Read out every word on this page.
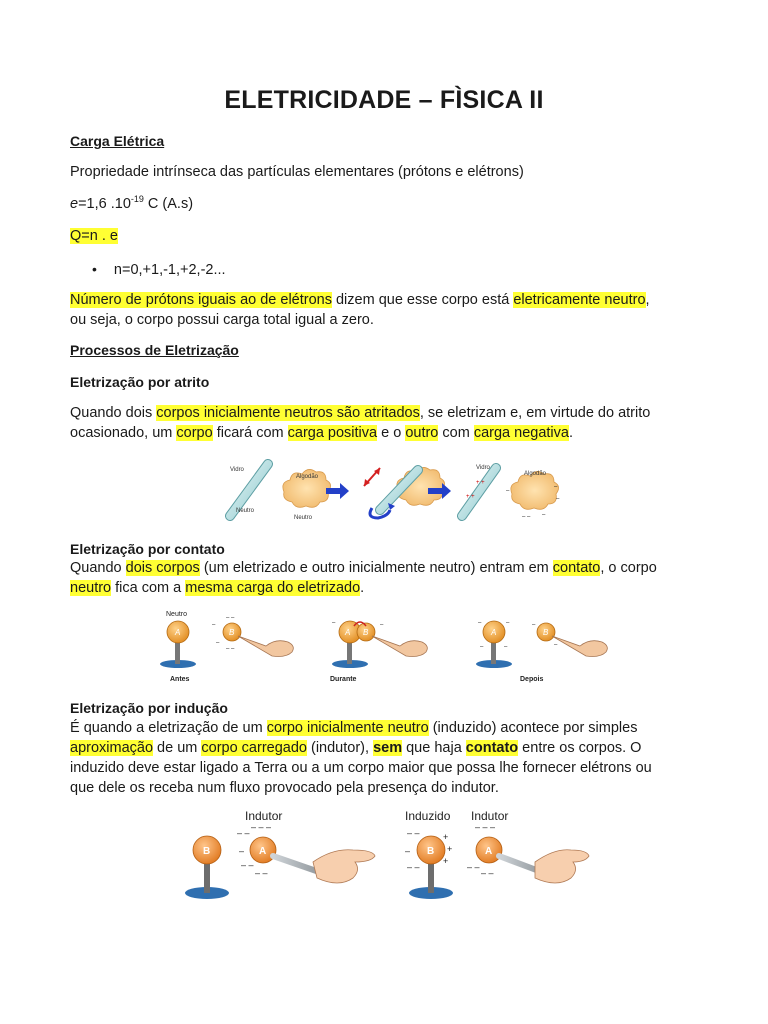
ELETRICIDADE – FÌSICA II
Carga Elétrica
Propriedade intrínseca das partículas elementares (prótons e elétrons)
e=1,6 $.10^{-19}$ C (A.s)
Q=n . e
• n=0,+1,-1,+2,-2...
Número de prótons iguais ao de elétrons dizem que esse corpo está eletricamente neutro,
ou seja, o corpo possui carga total igual a zero.
Processos de Eletrização
Eletrização por atrito
Quando dois corpos inicialmente neutros são atritados, se eletrizam e, em virtude do atrito
ocasionado, um corpo ficará com carga positiva e o outro com carga negativa.
Vidro
Neutro
Algodão
Neutro
+ +
+ +
Vidro
–
–
–
– – –
Algodão
Eletrização por contato
Quando dois corpos (um eletrizado e outro inicialmente neutro) entram em contato, o corpo
neutro fica com a mesma carga do eletrizado.
Neutro
A	B
–
–
– –
– –
Antes
A B
–	–
Durante
A
–	–
–	–
B
–
–
Depois
Eletrização por indução
É quando a eletrização de um corpo inicialmente neutro (induzido) acontece por simples
aproximação de um corpo carregado (indutor), sem que haja contato entre os corpos. O
induzido deve estar ligado a Terra ou a um corpo maior que possa lhe fornecer elétrons ou
que dele os receba num fluxo provocado pela presença do indutor.
B
Indutor
A
– –
– – –
–
– –
– –
Induzido Indutor
B
– –
–
– –
+
+
+
A
– – –
– –
– –
